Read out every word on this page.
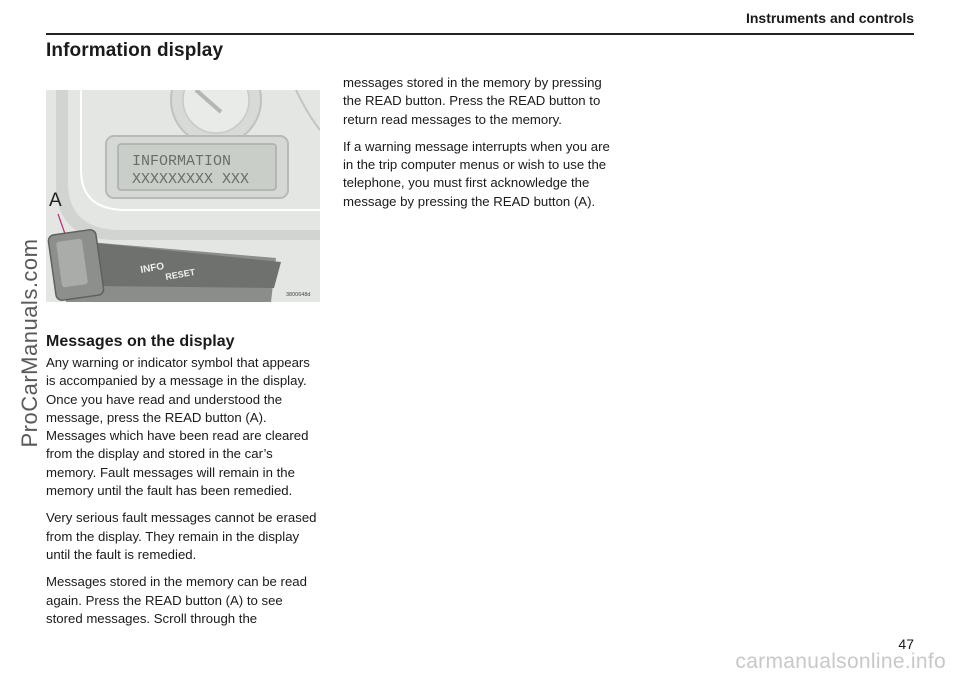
Instruments and controls
Information display
INFORMATION
XXXXXXXXX XXX
A
INFO RESET
3800648d
Messages on the display

Any warning or indicator symbol that appears is accompanied by a message in the display. Once you have read and understood the message, press the READ button (A). Messages which have been read are cleared from the display and stored in the car’s memory. Fault messages will remain in the memory until the fault has been remedied.

Very serious fault messages cannot be erased from the display. They remain in the display until the fault is remedied.

Messages stored in the memory can be read again. Press the READ button (A) to see stored messages. Scroll through the

messages stored in the memory by pressing the READ button. Press the READ button to return read messages to the memory.

If a warning message interrupts when you are in the trip computer menus or wish to use the telephone, you must first acknowledge the message by pressing the READ button (A).

47
ProCarManuals.com
carmanualsonline.info
